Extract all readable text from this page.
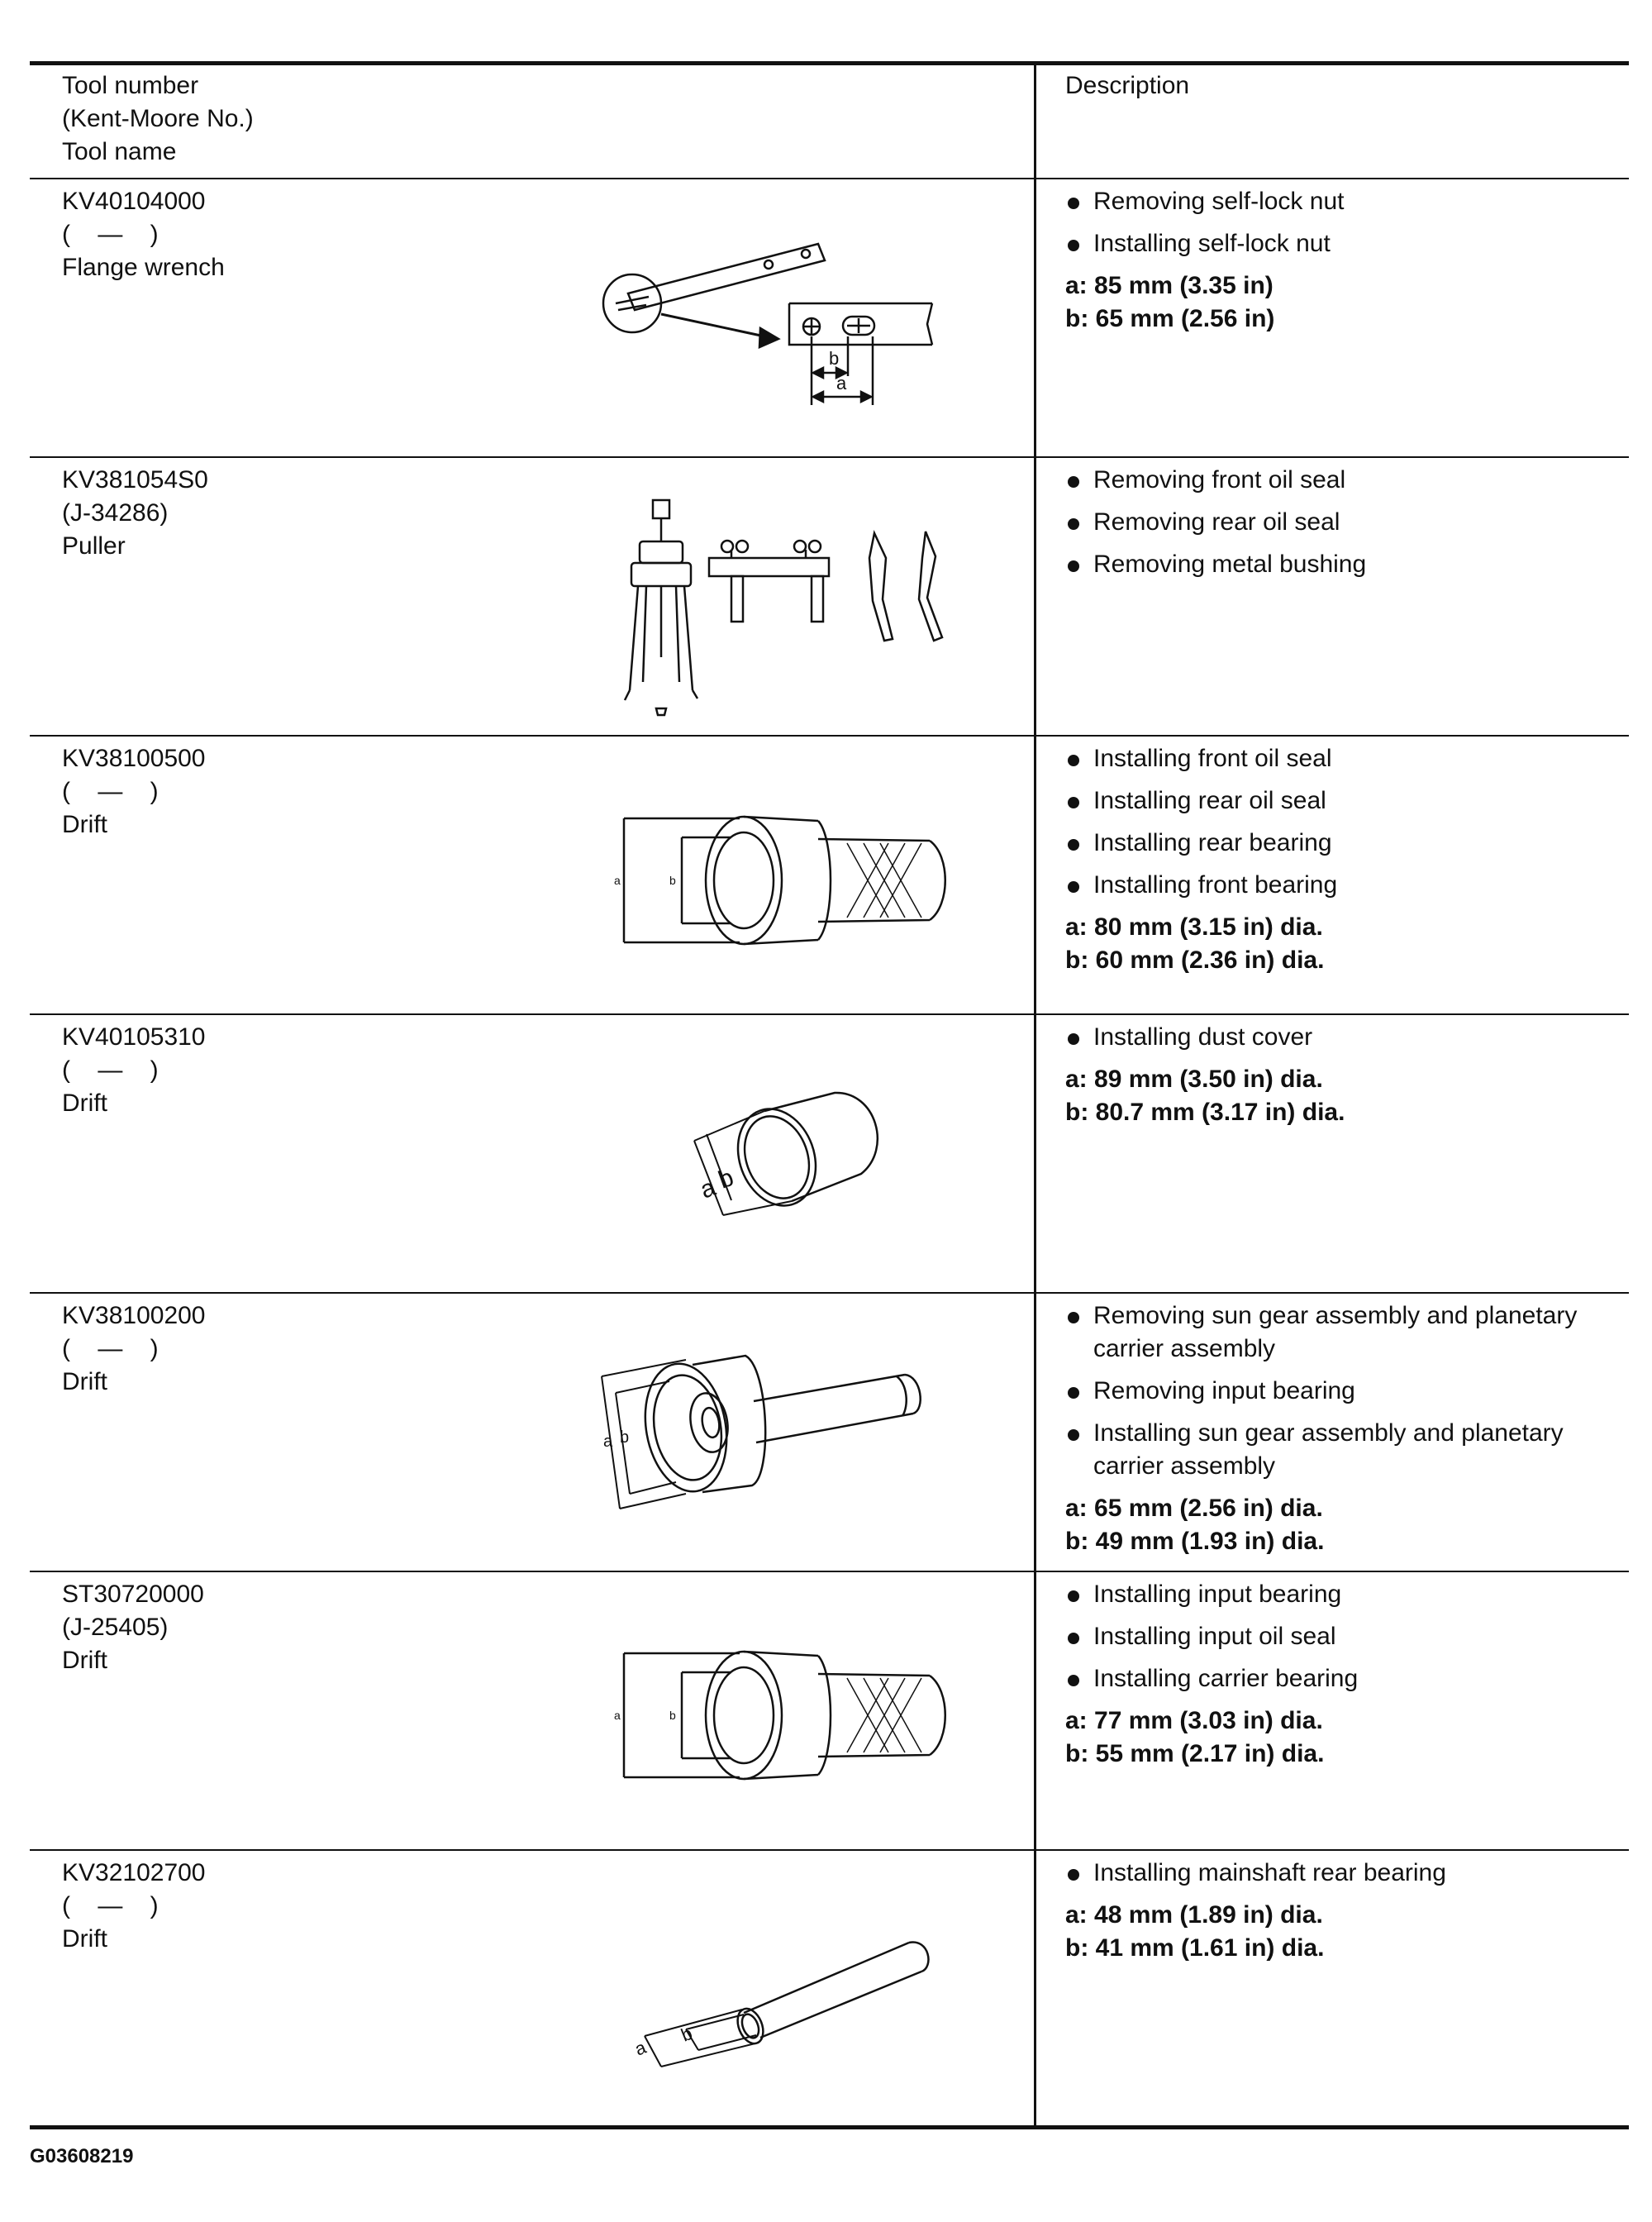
Tool number
(Kent-Moore No.)
Tool name
Description
KV40104000
(    —    )
Flange wrench
b
a
Removing self-lock nut
Installing self-lock nut
a: 85 mm (3.35 in)
b: 65 mm (2.56 in)
KV381054S0
(J-34286)
Puller
Removing front oil seal
Removing rear oil seal
Removing metal bushing
KV38100500
(    —    )
Drift
a	b
Installing front oil seal
Installing rear oil seal
Installing rear bearing
Installing front bearing
a: 80 mm (3.15 in) dia.
b: 60 mm (2.36 in) dia.
KV40105310
(    —    )
Drift
a
b
Installing dust cover
a: 89 mm (3.50 in) dia.
b: 80.7 mm (3.17 in) dia.
KV38100200
(    —    )
Drift
a b
Removing sun gear assembly and planetary carrier assembly
Removing input bearing
Installing sun gear assembly and planetary carrier assembly
a: 65 mm (2.56 in) dia.
b: 49 mm (1.93 in) dia.
ST30720000
(J-25405)
Drift
a	b
Installing input bearing
Installing input oil seal
Installing carrier bearing
a: 77 mm (3.03 in) dia.
b: 55 mm (2.17 in) dia.
KV32102700
(    —    )
Drift
a
b
Installing mainshaft rear bearing
a: 48 mm (1.89 in) dia.
b: 41 mm (1.61 in) dia.
G03608219
